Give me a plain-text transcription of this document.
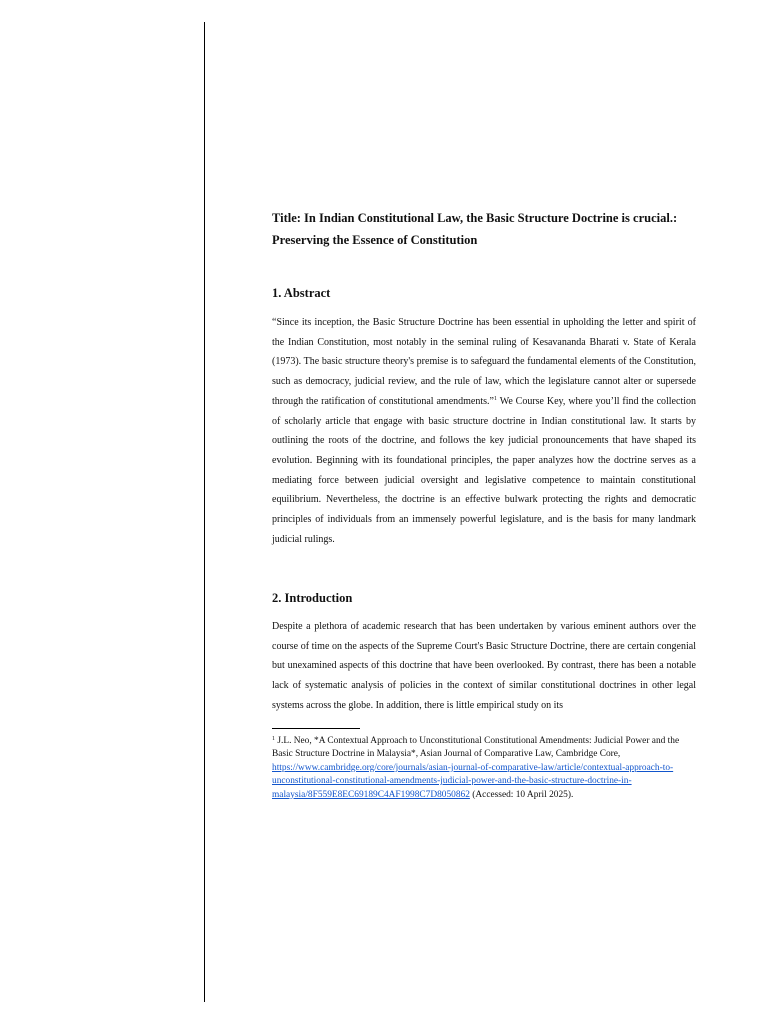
Title: In Indian Constitutional Law, the Basic Structure Doctrine is crucial.: Preserving the Essence of Constitution
1. Abstract

“Since its inception, the Basic Structure Doctrine has been essential in upholding the letter and spirit of the Indian Constitution, most notably in the seminal ruling of Kesavananda Bharati v. State of Kerala (1973). The basic structure theory's premise is to safeguard the fundamental elements of the Constitution, such as democracy, judicial review, and the rule of law, which the legislature cannot alter or supersede through the ratification of constitutional amendments.”$^1$ We Course Key, where you’ll find the collection of scholarly article that engage with basic structure doctrine in Indian constitutional law. It starts by outlining the roots of the doctrine, and follows the key judicial pronouncements that have shaped its evolution. Beginning with its foundational principles, the paper analyzes how the doctrine serves as a mediating force between judicial oversight and legislative competence to maintain constitutional equilibrium. Nevertheless, the doctrine is an effective bulwark protecting the rights and democratic principles of individuals from an immensely powerful legislature, and is the basis for many landmark judicial rulings.

2. Introduction

Despite a plethora of academic research that has been undertaken by various eminent authors over the course of time on the aspects of the Supreme Court's Basic Structure Doctrine, there are certain congenial but unexamined aspects of this doctrine that have been overlooked. By contrast, there has been a notable lack of systematic analysis of policies in the context of similar constitutional doctrines in other legal systems across the globe. In addition, there is little empirical study on its

$^1$ J.L. Neo, *A Contextual Approach to Unconstitutional Constitutional Amendments: Judicial Power and the Basic Structure Doctrine in Malaysia*, Asian Journal of Comparative Law, Cambridge Core, https://www.cambridge.org/core/journals/asian-journal-of-comparative-law/article/contextual-approach-to-unconstitutional-constitutional-amendments-judicial-power-and-the-basic-structure-doctrine-in-malaysia/8F559E8EC69189C4AF1998C7D8050862 (Accessed: 10 April 2025).
